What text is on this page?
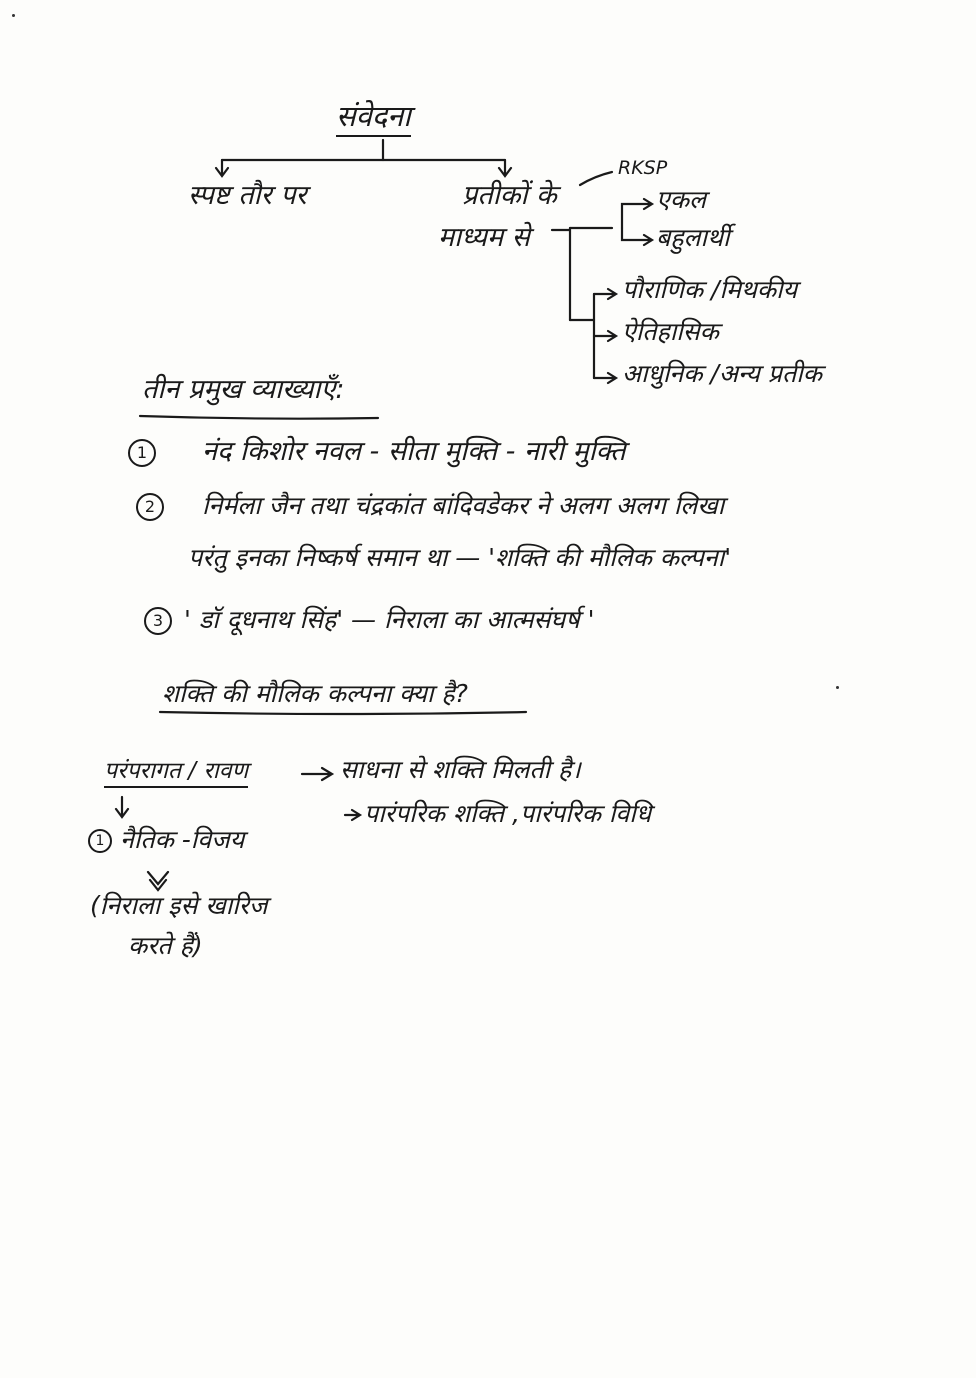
संवेदना
स्पष्ट तौर पर	प्रतीकों के
माध्यम से
RKSP
एकल
बहुलार्थी
पौराणिक /मिथकीय
ऐतिहासिक
आधुनिक /अन्य प्रतीक
तीन प्रमुख व्याख्याएँ:
1 नंद किशोर नवल - सीता मुक्ति - नारी मुक्ति
2 निर्मला जैन तथा चंद्रकांत बांदिवडेकर ने अलग अलग लिखा
परंतु इनका निष्कर्ष समान था — 'शक्ति की मौलिक कल्पना'
3 ' डॉ दूधनाथ सिंह' — निराला का आत्मसंघर्ष '
शक्ति की मौलिक कल्पना क्या है?
परंपरागत / रावण	साधना से शक्ति मिलती है।
पारंपरिक शक्ति ,पारंपरिक विधि
1 नैतिक -विजय
(निराला इसे खारिज
करते हैं)
